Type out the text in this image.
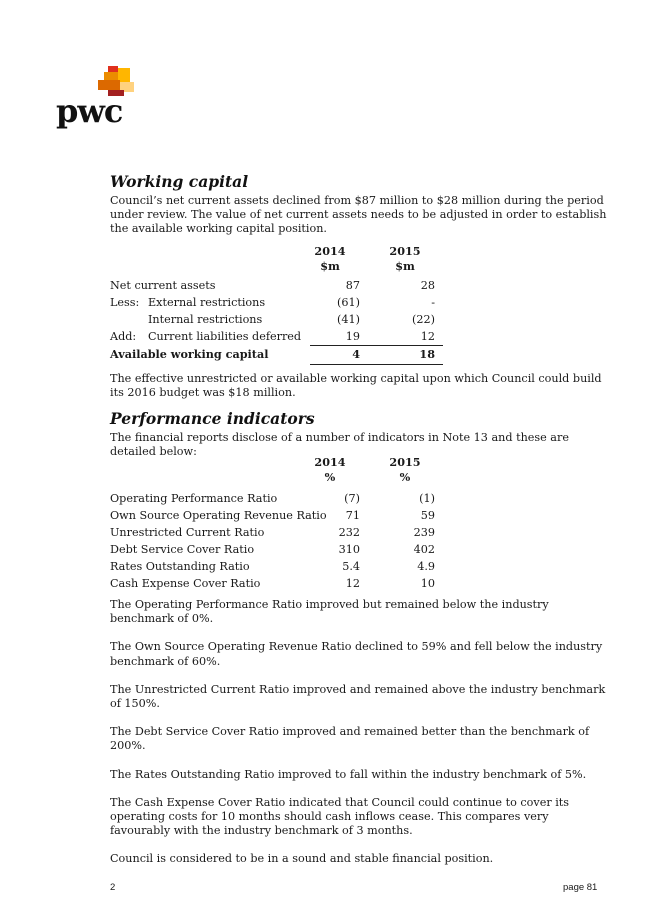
pwc
Working capital

Council’s net current assets declined from $87 million to $28 million during the period under review. The value of net current assets needs to be adjusted in order to establish the available working capital position.

2014	2015
$m	$m
Net current assets	87	28
Less: External restrictions	(61)	-
Internal restrictions	(41)	(22)
Add: Current liabilities deferred	19	12
Available working capital	4	18

The effective unrestricted or available working capital upon which Council could build its 2016 budget was $18 million.

Performance indicators

The financial reports disclose of a number of indicators in Note 13 and these are detailed below:

2014	2015
%	%
Operating Performance Ratio	(7)	(1)
Own Source Operating Revenue Ratio	71	59
Unrestricted Current Ratio	232	239
Debt Service Cover Ratio	310	402
Rates Outstanding Ratio	5.4	4.9
Cash Expense Cover Ratio	12	10

The Operating Performance Ratio improved but remained below the industry benchmark of 0%.

The Own Source Operating Revenue Ratio declined to 59% and fell below the industry benchmark of 60%.

The Unrestricted Current Ratio improved and remained above the industry benchmark of 150%.

The Debt Service Cover Ratio improved and remained better than the benchmark of 200%.

The Rates Outstanding Ratio improved to fall within the industry benchmark of 5%.

The Cash Expense Cover Ratio indicated that Council could continue to cover its operating costs for 10 months should cash inflows cease. This compares very favourably with the industry benchmark of 3 months.

Council is considered to be in a sound and stable financial position.

2	page 81
